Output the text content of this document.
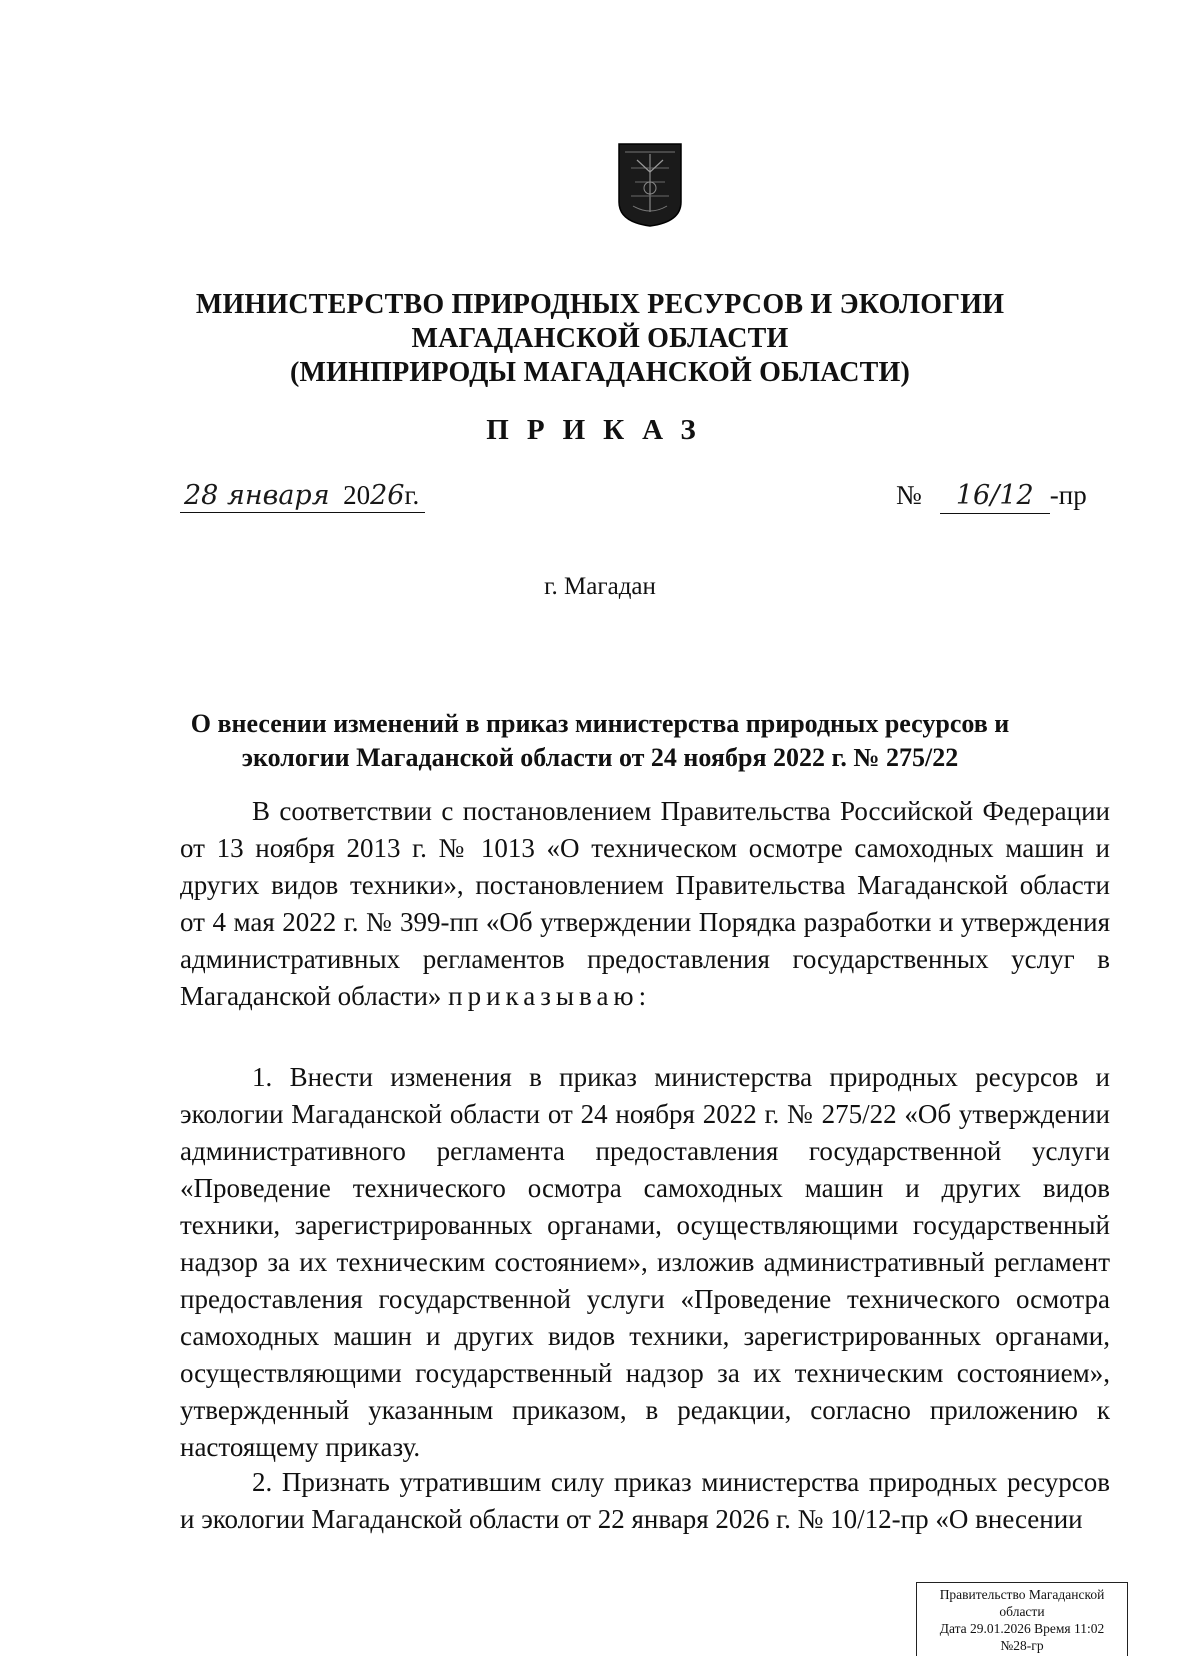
МИНИСТЕРСТВО ПРИРОДНЫХ РЕСУРСОВ И ЭКОЛОГИИ
МАГАДАНСКОЙ ОБЛАСТИ
(МИНПРИРОДЫ МАГАДАНСКОЙ ОБЛАСТИ)
ПРИКАЗ
28 января 2026г.	№ 16/12 -пр
г. Магадан
О внесении изменений в приказ министерства природных ресурсов и
экологии Магаданской области от 24 ноября 2022 г. № 275/22

В соответствии с постановлением Правительства Российской Федерации от 13 ноября 2013 г. № 1013 «О техническом осмотре самоходных машин и других видов техники», постановлением Правительства Магаданской области от 4 мая 2022 г. № 399-пп «Об утверждении Порядка разработки и утверждения административных регламентов предоставления государственных услуг в Магаданской области» приказываю:

1. Внести изменения в приказ министерства природных ресурсов и экологии Магаданской области от 24 ноября 2022 г. № 275/22 «Об утверждении административного регламента предоставления государственной услуги «Проведение технического осмотра самоходных машин и других видов техники, зарегистрированных органами, осуществляющими государственный надзор за их техническим состоянием», изложив административный регламент предоставления государственной услуги «Проведение технического осмотра самоходных машин и других видов техники, зарегистрированных органами, осуществляющими государственный надзор за их техническим состоянием», утвержденный указанным приказом, в редакции, согласно приложению к настоящему приказу.

2. Признать утратившим силу приказ министерства природных ресурсов и экологии Магаданской области от 22 января 2026 г. № 10/12-пр «О внесении

Правительство Магаданской
области
Дата 29.01.2026 Время 11:02
№28-гр
